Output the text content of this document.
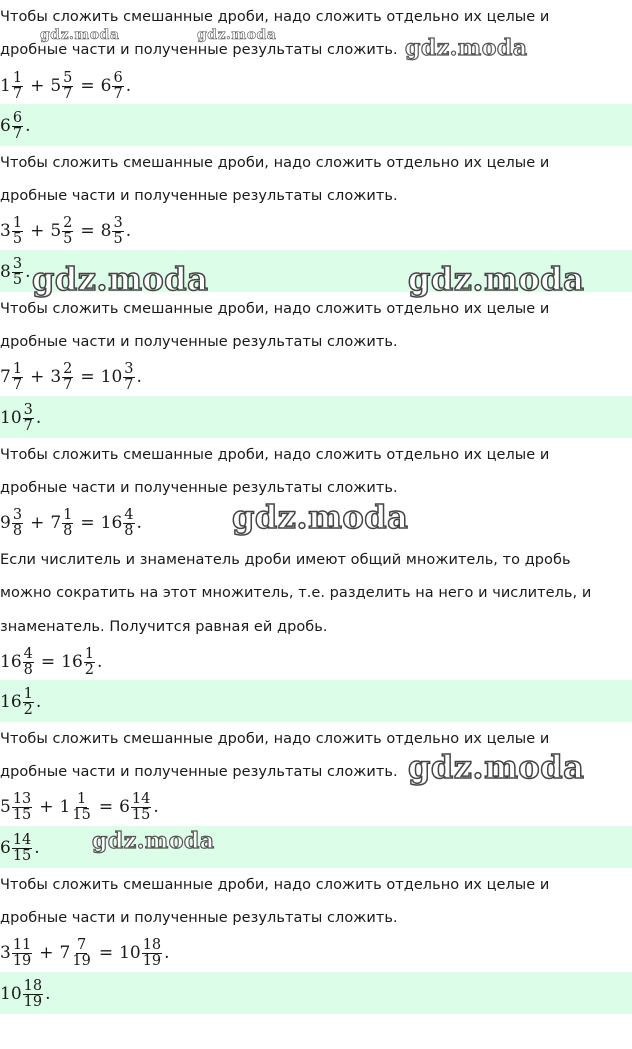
Чтобы сложить смешанные дроби, надо сложить отдельно их целые и
дробные части и полученные результаты сложить.
$1 \frac{1}{7} + 5 \frac{5}{7} = 6 \frac{6}{7}$ .
$6 \frac{6}{7}$ .
Чтобы сложить смешанные дроби, надо сложить отдельно их целые и
дробные части и полученные результаты сложить.
$3 \frac{1}{5} + 5 \frac{2}{5} = 8 \frac{3}{5}$ .
$8 \frac{3}{5}$ .
Чтобы сложить смешанные дроби, надо сложить отдельно их целые и
дробные части и полученные результаты сложить.
$7 \frac{1}{7} + 3 \frac{2}{7} = 10 \frac{3}{7}$ .
$10 \frac{3}{7}$ .
Чтобы сложить смешанные дроби, надо сложить отдельно их целые и
дробные части и полученные результаты сложить.
$9 \frac{3}{8} + 7 \frac{1}{8} = 16 \frac{4}{8}$ .
Если числитель и знаменатель дроби имеют общий множитель, то дробь
можно сократить на этот множитель, т.е. разделить на него и числитель, и
знаменатель. Получится равная ей дробь.
$16 \frac{4}{8} = 16 \frac{1}{2}$ .
$16 \frac{1}{2}$ .
Чтобы сложить смешанные дроби, надо сложить отдельно их целые и
дробные части и полученные результаты сложить.
$5 \frac{13}{15} + 1 \frac{1}{15} = 6 \frac{14}{15}$ .
$6 \frac{14}{15}$ .
Чтобы сложить смешанные дроби, надо сложить отдельно их целые и
дробные части и полученные результаты сложить.
$3 \frac{11}{19} + 7 \frac{7}{19} = 10 \frac{18}{19}$ .
$10 \frac{18}{19}$ .
gdz.moda	gdz.moda	gdz.moda
gdz.moda	gdz.moda
gdz.moda
gdz.moda
gdz.moda
